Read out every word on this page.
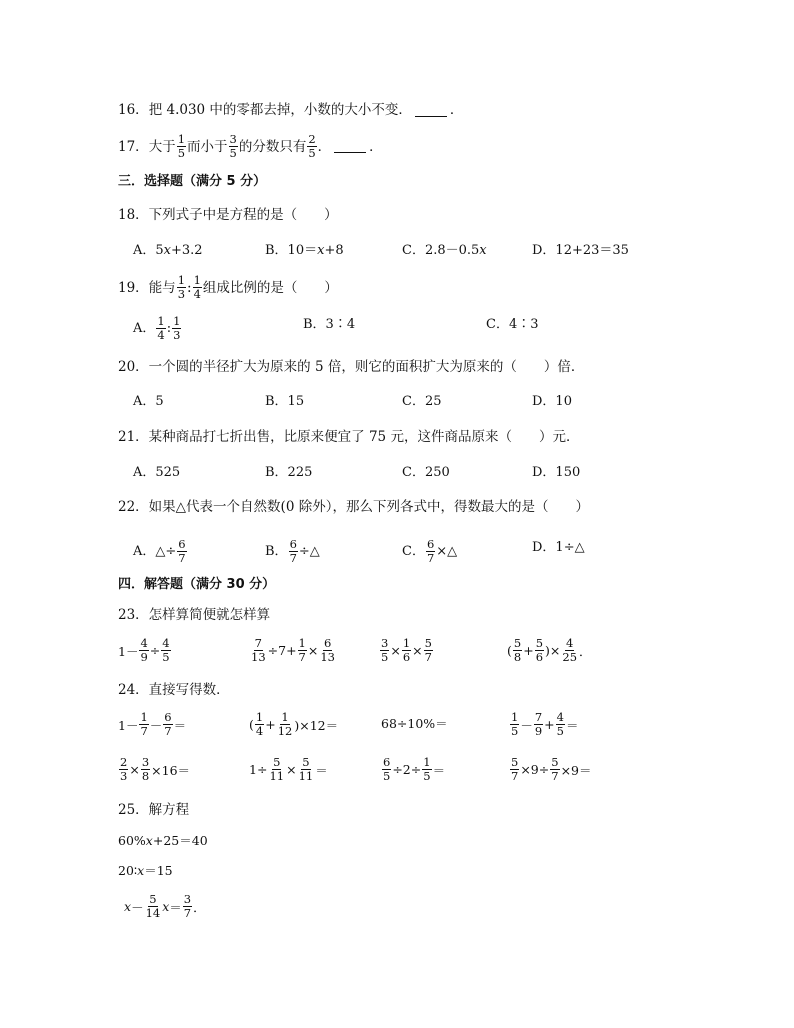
16． 把 4.030 中的零都去掉，小数的大小不变．	．
17． 大于 $\frac{1}{5}$ 而小于 $\frac{3}{5}$ 的分数只有 $\frac{2}{5}$ ．	．
三．选择题（满分 5 分）
18．下列式子中是方程的是（　　）
A．5 x +3.2	B．10＝ x +8	C．2.8－0.5 x	D．12+23＝35
19． 能与 $\frac{1}{3}$ : $\frac{1}{4}$ 组成比例的是（　　）
A． $\frac{1}{4}$ : $\frac{1}{3}$	B．3∶4	C．4∶3
20．一个圆的半径扩大为原来的 5 倍，则它的面积扩大为原来的（　　）倍．
A．5	B．15	C．25	D．10
21．某种商品打七折出售，比原来便宜了 75 元，这件商品原来（　　）元．
A．525	B．225	C．250	D．150
22．如果△代表一个自然数(0 除外），那么下列各式中，得数最大的是（　　）
A．△÷ $\frac{6}{7}$	B． $\frac{6}{7}$ ÷△	C． $\frac{6}{7}$ ×△	D．1÷△
四．解答题（满分 30 分）
23．怎样算简便就怎样算
$1- \frac{4}{9} \div \frac{4}{5}$	$\frac{7}{13} \div 7+ \frac{1}{7} \times \frac{6}{13}$	$\frac{3}{5} \times \frac{1}{6} \times \frac{5}{7}$	( $\frac{5}{8} + \frac{5}{6}$ )× $\frac{4}{25}$ ．
24．直接写得数．
$1- \frac{1}{7} - \frac{6}{7}$ ＝	( $\frac{1}{4} + \frac{1}{12} )\times 12=$	68÷10%＝	$\frac{1}{5} - \frac{7}{9} + \frac{4}{5}$ ＝
$\frac{2}{3} \times \frac{3}{8} \times 16=$	$1\div \frac{5}{11} \times \frac{5}{11}$ ＝	$\frac{6}{5} \div 2\div \frac{1}{5}$ ＝	$\frac{5}{7} \times 9\div \frac{5}{7} \times 9=$
25．解方程
60% x +25＝40
20∶ x ＝15
$x - \frac{5}{14}$ $x = \frac{3}{7}$ ．
